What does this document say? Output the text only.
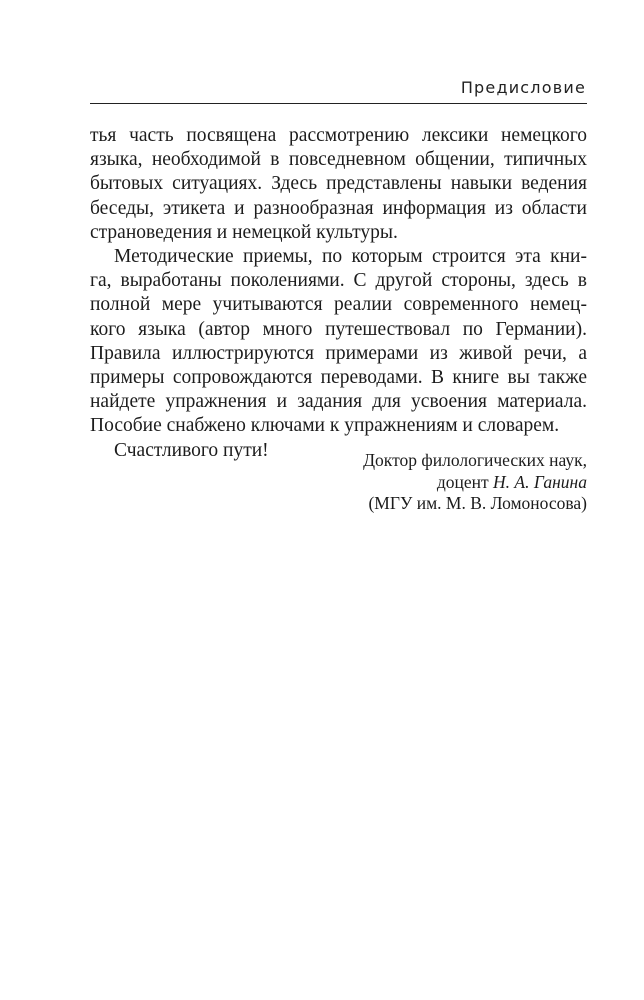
Предисловие
тья часть посвящена рассмотрению лексики немецкого
языка, необходимой в повседневном общении, типичных
бытовых ситуациях. Здесь представлены навыки ведения
беседы, этикета и разнообразная информация из области
страноведения и немецкой культуры.
Методические приемы, по которым строится эта кни-
га, выработаны поколениями. С другой стороны, здесь в
полной мере учитываются реалии современного немец-
кого языка (автор много путешествовал по Германии).
Правила иллюстрируются примерами из живой речи, а
примеры сопровождаются переводами. В книге вы также
найдете упражнения и задания для усвоения материала.
Пособие снабжено ключами к упражнениям и словарем.
Счастливого пути!	Доктор филологических наук,
доцент Н. А. Ганина
(МГУ им. М. В. Ломоносова)
